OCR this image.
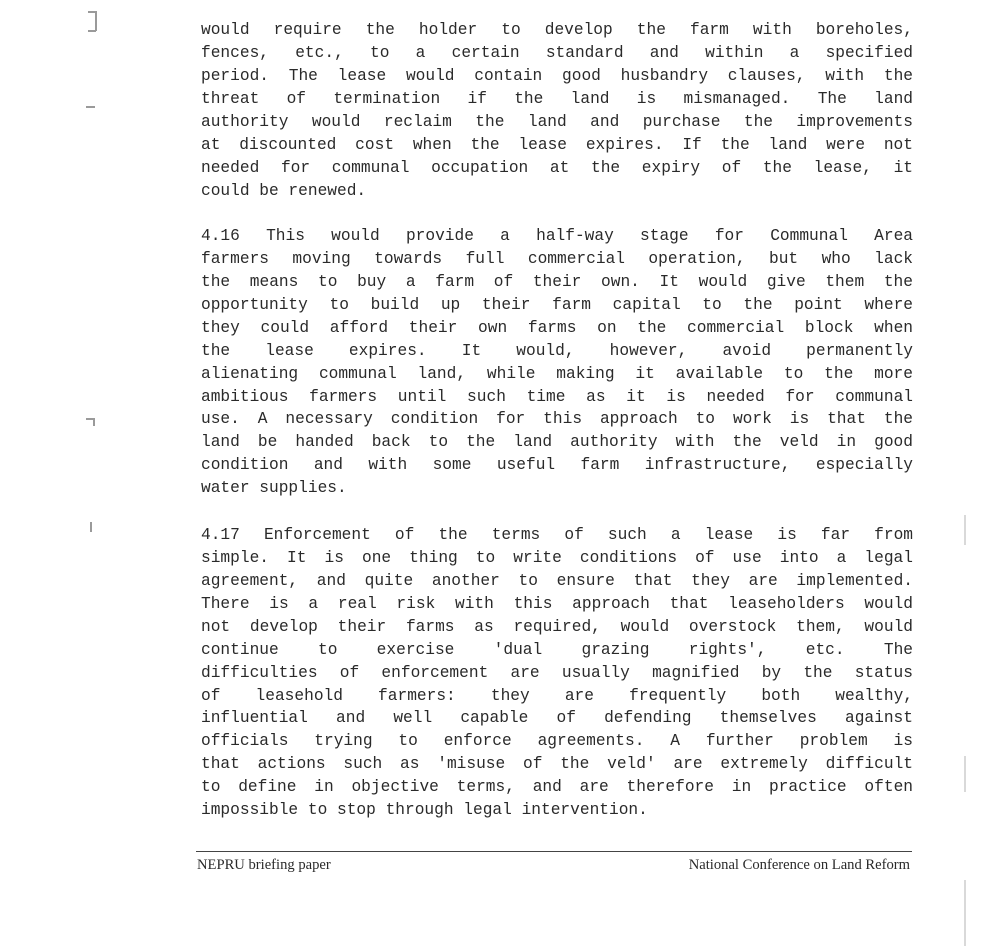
would require the holder to develop the farm with boreholes,
fences, etc., to a certain standard and within a specified
period. The lease would contain good husbandry clauses, with the
threat of termination if the land is mismanaged. The land
authority would reclaim the land and purchase the improvements
at discounted cost when the lease expires. If the land were not
needed for communal occupation at the expiry of the lease, it
could be renewed.

4.16 This would provide a half-way stage for Communal Area
farmers moving towards full commercial operation, but who lack
the means to buy a farm of their own. It would give them the
opportunity to build up their farm capital to the point where
they could afford their own farms on the commercial block when
the lease expires. It would, however, avoid permanently
alienating communal land, while making it available to the more
ambitious farmers until such time as it is needed for communal
use. A necessary condition for this approach to work is that the
land be handed back to the land authority with the veld in good
condition and with some useful farm infrastructure, especially
water supplies.

4.17 Enforcement of the terms of such a lease is far from
simple. It is one thing to write conditions of use into a legal
agreement, and quite another to ensure that they are implemented.
There is a real risk with this approach that leaseholders would
not develop their farms as required, would overstock them, would
continue to exercise 'dual grazing rights', etc. The
difficulties of enforcement are usually magnified by the status
of leasehold farmers: they are frequently both wealthy,
influential and well capable of defending themselves against
officials trying to enforce agreements. A further problem is
that actions such as 'misuse of the veld' are extremely difficult
to define in objective terms, and are therefore in practice often
impossible to stop through legal intervention.

NEPRU briefing paper	National Conference on Land Reform
